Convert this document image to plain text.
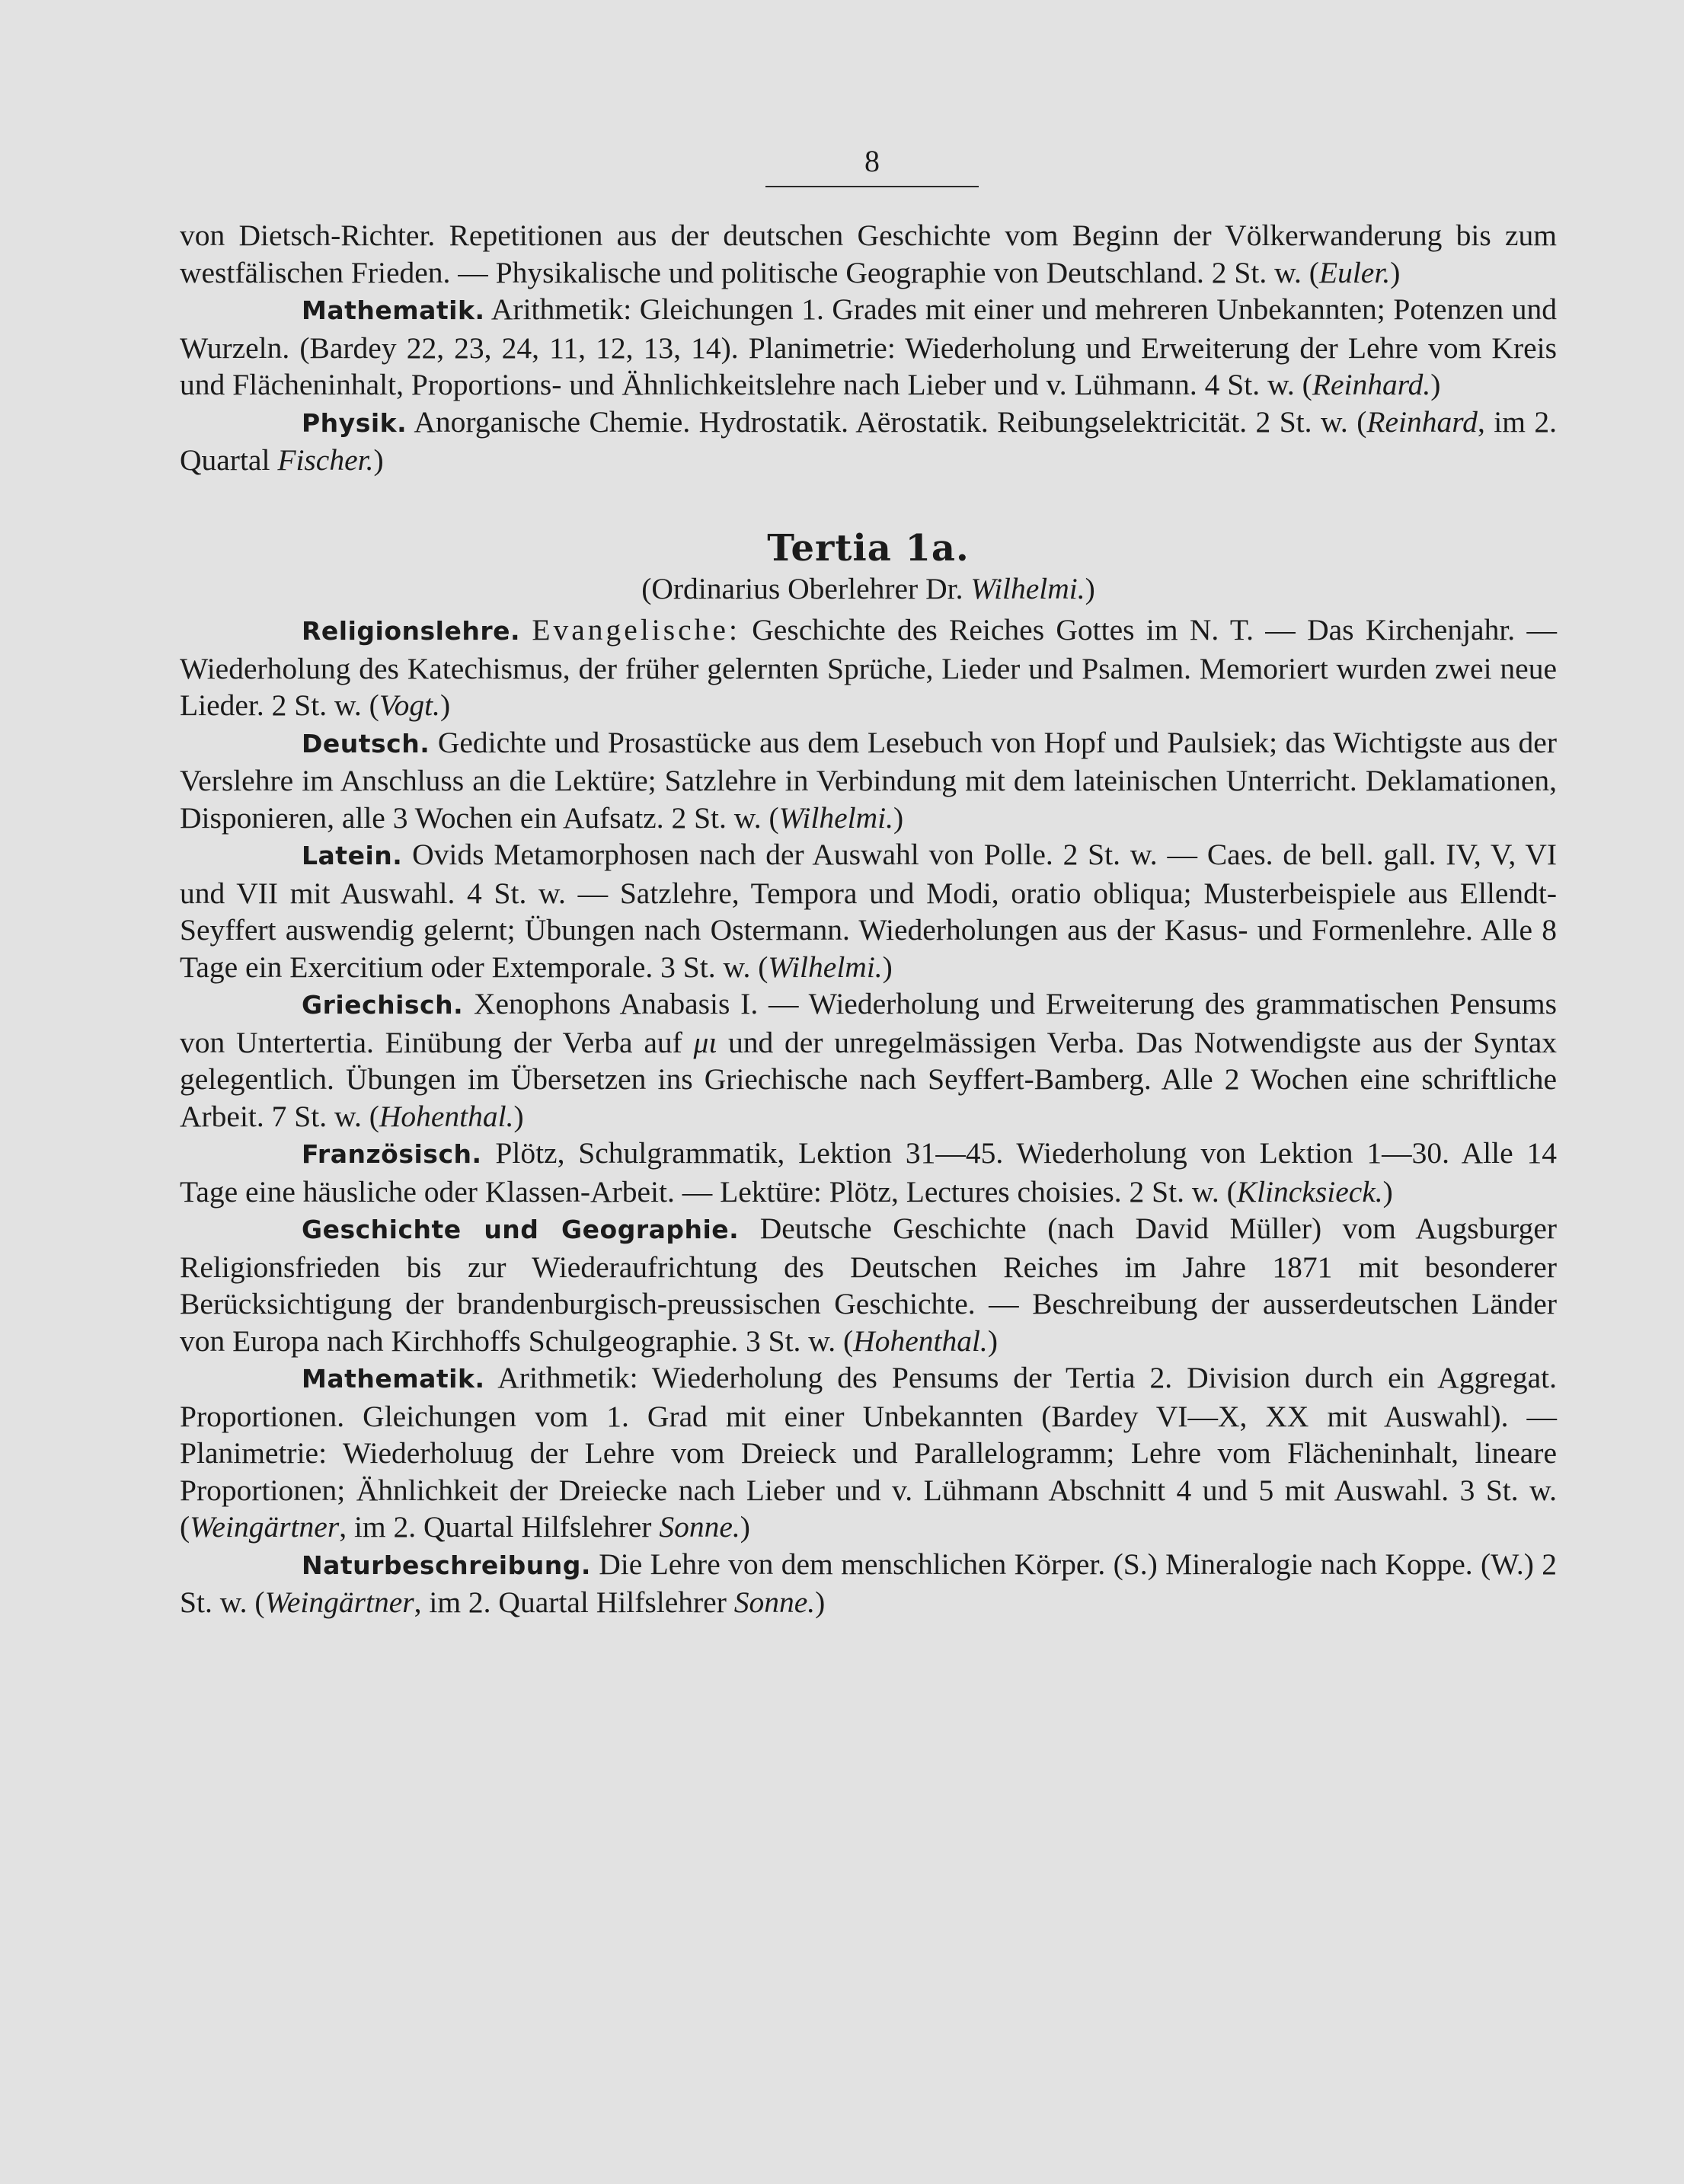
8

von Dietsch-Richter. Repetitionen aus der deutschen Geschichte vom Beginn der Völkerwanderung bis zum westfälischen Frieden. — Physikalische und politische Geographie von Deutschland. 2 St. w. (Euler.)

Mathematik. Arithmetik: Gleichungen 1. Grades mit einer und mehreren Unbekannten; Potenzen und Wurzeln. (Bardey 22, 23, 24, 11, 12, 13, 14). Planimetrie: Wiederholung und Erweiterung der Lehre vom Kreis und Flächeninhalt, Proportions- und Ähnlichkeitslehre nach Lieber und v. Lühmann. 4 St. w. (Reinhard.)

Physik. Anorganische Chemie. Hydrostatik. Aërostatik. Reibungselektricität. 2 St. w. (Reinhard, im 2. Quartal Fischer.)

Tertia 1a.

(Ordinarius Oberlehrer Dr. Wilhelmi.)

Religionslehre. Evangelische: Geschichte des Reiches Gottes im N. T. — Das Kirchenjahr. — Wiederholung des Katechismus, der früher gelernten Sprüche, Lieder und Psalmen. Memoriert wurden zwei neue Lieder. 2 St. w. (Vogt.)

Deutsch. Gedichte und Prosastücke aus dem Lesebuch von Hopf und Paulsiek; das Wichtigste aus der Verslehre im Anschluss an die Lektüre; Satzlehre in Verbindung mit dem lateinischen Unterricht. Deklamationen, Disponieren, alle 3 Wochen ein Aufsatz. 2 St. w. (Wilhelmi.)

Latein. Ovids Metamorphosen nach der Auswahl von Polle. 2 St. w. — Caes. de bell. gall. IV, V, VI und VII mit Auswahl. 4 St. w. — Satzlehre, Tempora und Modi, oratio obliqua; Musterbeispiele aus Ellendt-Seyffert auswendig gelernt; Übungen nach Ostermann. Wiederholungen aus der Kasus- und Formenlehre. Alle 8 Tage ein Exercitium oder Extemporale. 3 St. w. (Wilhelmi.)

Griechisch. Xenophons Anabasis I. — Wiederholung und Erweiterung des grammatischen Pensums von Untertertia. Einübung der Verba auf μι und der unregelmässigen Verba. Das Notwendigste aus der Syntax gelegentlich. Übungen im Übersetzen ins Griechische nach Seyffert-Bamberg. Alle 2 Wochen eine schriftliche Arbeit. 7 St. w. (Hohenthal.)

Französisch. Plötz, Schulgrammatik, Lektion 31—45. Wiederholung von Lektion 1—30. Alle 14 Tage eine häusliche oder Klassen-Arbeit. — Lektüre: Plötz, Lectures choisies. 2 St. w. (Klincksieck.)

Geschichte und Geographie. Deutsche Geschichte (nach David Müller) vom Augsburger Religionsfrieden bis zur Wiederaufrichtung des Deutschen Reiches im Jahre 1871 mit besonderer Berücksichtigung der brandenburgisch-preussischen Geschichte. — Beschreibung der ausserdeutschen Länder von Europa nach Kirchhoffs Schulgeographie. 3 St. w. (Hohenthal.)

Mathematik. Arithmetik: Wiederholung des Pensums der Tertia 2. Division durch ein Aggregat. Proportionen. Gleichungen vom 1. Grad mit einer Unbekannten (Bardey VI—X, XX mit Auswahl). — Planimetrie: Wiederholuug der Lehre vom Dreieck und Parallelogramm; Lehre vom Flächeninhalt, lineare Proportionen; Ähnlichkeit der Dreiecke nach Lieber und v. Lühmann Abschnitt 4 und 5 mit Auswahl. 3 St. w. (Weingärtner, im 2. Quartal Hilfslehrer Sonne.)

Naturbeschreibung. Die Lehre von dem menschlichen Körper. (S.) Mineralogie nach Koppe. (W.) 2 St. w. (Weingärtner, im 2. Quartal Hilfslehrer Sonne.)
